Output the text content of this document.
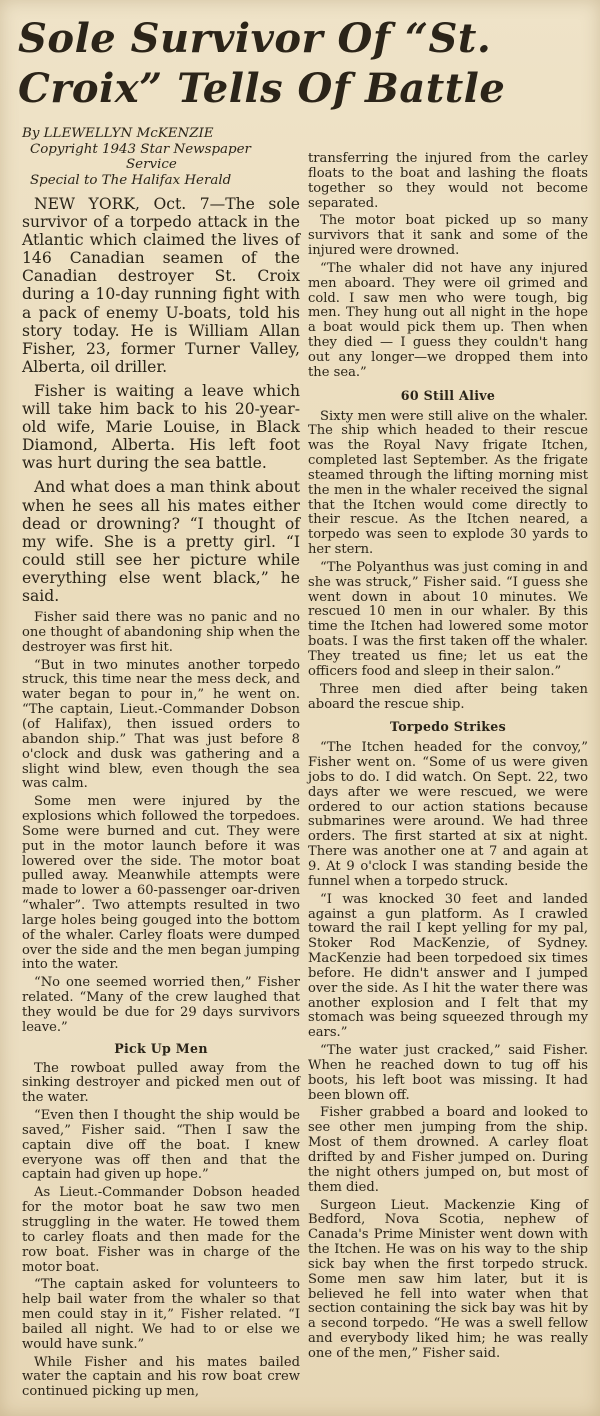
Sole Survivor Of “St. Croix” Tells Of Battle
By LLEWELLYN McKENZIE
Copyright 1943 Star Newspaper
Service
Special to The Halifax Herald

NEW YORK, Oct. 7—The sole survivor of a torpedo attack in the Atlantic which claimed the lives of 146 Canadian seamen of the Canadian destroyer St. Croix during a 10-day running fight with a pack of enemy U-boats, told his story today. He is William Allan Fisher, 23, former Turner Valley, Alberta, oil driller.

Fisher is waiting a leave which will take him back to his 20-year-old wife, Marie Louise, in Black Diamond, Alberta. His left foot was hurt during the sea battle.

And what does a man think about when he sees all his mates either dead or drowning? “I thought of my wife. She is a pretty girl. “I could still see her picture while everything else went black,” he said.

Fisher said there was no panic and no one thought of abandoning ship when the destroyer was first hit.

“But in two minutes another torpedo struck, this time near the mess deck, and water began to pour in,” he went on. “The captain, Lieut.-Commander Dobson (of Halifax), then issued orders to abandon ship.” That was just before 8 o'clock and dusk was gathering and a slight wind blew, even though the sea was calm.

Some men were injured by the explosions which followed the torpedoes. Some were burned and cut. They were put in the motor launch before it was lowered over the side. The motor boat pulled away. Meanwhile attempts were made to lower a 60-passenger oar-driven “whaler”. Two attempts resulted in two large holes being gouged into the bottom of the whaler. Carley floats were dumped over the side and the men began jumping into the water.

“No one seemed worried then,” Fisher related. “Many of the crew laughed that they would be due for 29 days survivors leave.”

Pick Up Men

The rowboat pulled away from the sinking destroyer and picked men out of the water.

“Even then I thought the ship would be saved,” Fisher said. “Then I saw the captain dive off the boat. I knew everyone was off then and that the captain had given up hope.”

As Lieut.-Commander Dobson headed for the motor boat he saw two men struggling in the water. He towed them to carley floats and then made for the row boat. Fisher was in charge of the motor boat.

“The captain asked for volunteers to help bail water from the whaler so that men could stay in it,” Fisher related. “I bailed all night. We had to or else we would have sunk.”

While Fisher and his mates bailed water the captain and his row boat crew continued picking up men,

transferring the injured from the carley floats to the boat and lashing the floats together so they would not become separated.

The motor boat picked up so many survivors that it sank and some of the injured were drowned.

“The whaler did not have any injured men aboard. They were oil grimed and cold. I saw men who were tough, big men. They hung out all night in the hope a boat would pick them up. Then when they died — I guess they couldn't hang out any longer—we dropped them into the sea.”

60 Still Alive

Sixty men were still alive on the whaler. The ship which headed to their rescue was the Royal Navy frigate Itchen, completed last September. As the frigate steamed through the lifting morning mist the men in the whaler received the signal that the Itchen would come directly to their rescue. As the Itchen neared, a torpedo was seen to explode 30 yards to her stern.

“The Polyanthus was just coming in and she was struck,” Fisher said. “I guess she went down in about 10 minutes. We rescued 10 men in our whaler. By this time the Itchen had lowered some motor boats. I was the first taken off the whaler. They treated us fine; let us eat the officers food and sleep in their salon.”

Three men died after being taken aboard the rescue ship.

Torpedo Strikes

“The Itchen headed for the convoy,” Fisher went on. “Some of us were given jobs to do. I did watch. On Sept. 22, two days after we were rescued, we were ordered to our action stations because submarines were around. We had three orders. The first started at six at night. There was another one at 7 and again at 9. At 9 o'clock I was standing beside the funnel when a torpedo struck.

“I was knocked 30 feet and landed against a gun platform. As I crawled toward the rail I kept yelling for my pal, Stoker Rod MacKenzie, of Sydney. MacKenzie had been torpedoed six times before. He didn't answer and I jumped over the side. As I hit the water there was another explosion and I felt that my stomach was being squeezed through my ears.”

“The water just cracked,” said Fisher. When he reached down to tug off his boots, his left boot was missing. It had been blown off.

Fisher grabbed a board and looked to see other men jumping from the ship. Most of them drowned. A carley float drifted by and Fisher jumped on. During the night others jumped on, but most of them died.

Surgeon Lieut. Mackenzie King of Bedford, Nova Scotia, nephew of Canada's Prime Minister went down with the Itchen. He was on his way to the ship sick bay when the first torpedo struck. Some men saw him later, but it is believed he fell into water when that section containing the sick bay was hit by a second torpedo. “He was a swell fellow and everybody liked him; he was really one of the men,” Fisher said.
